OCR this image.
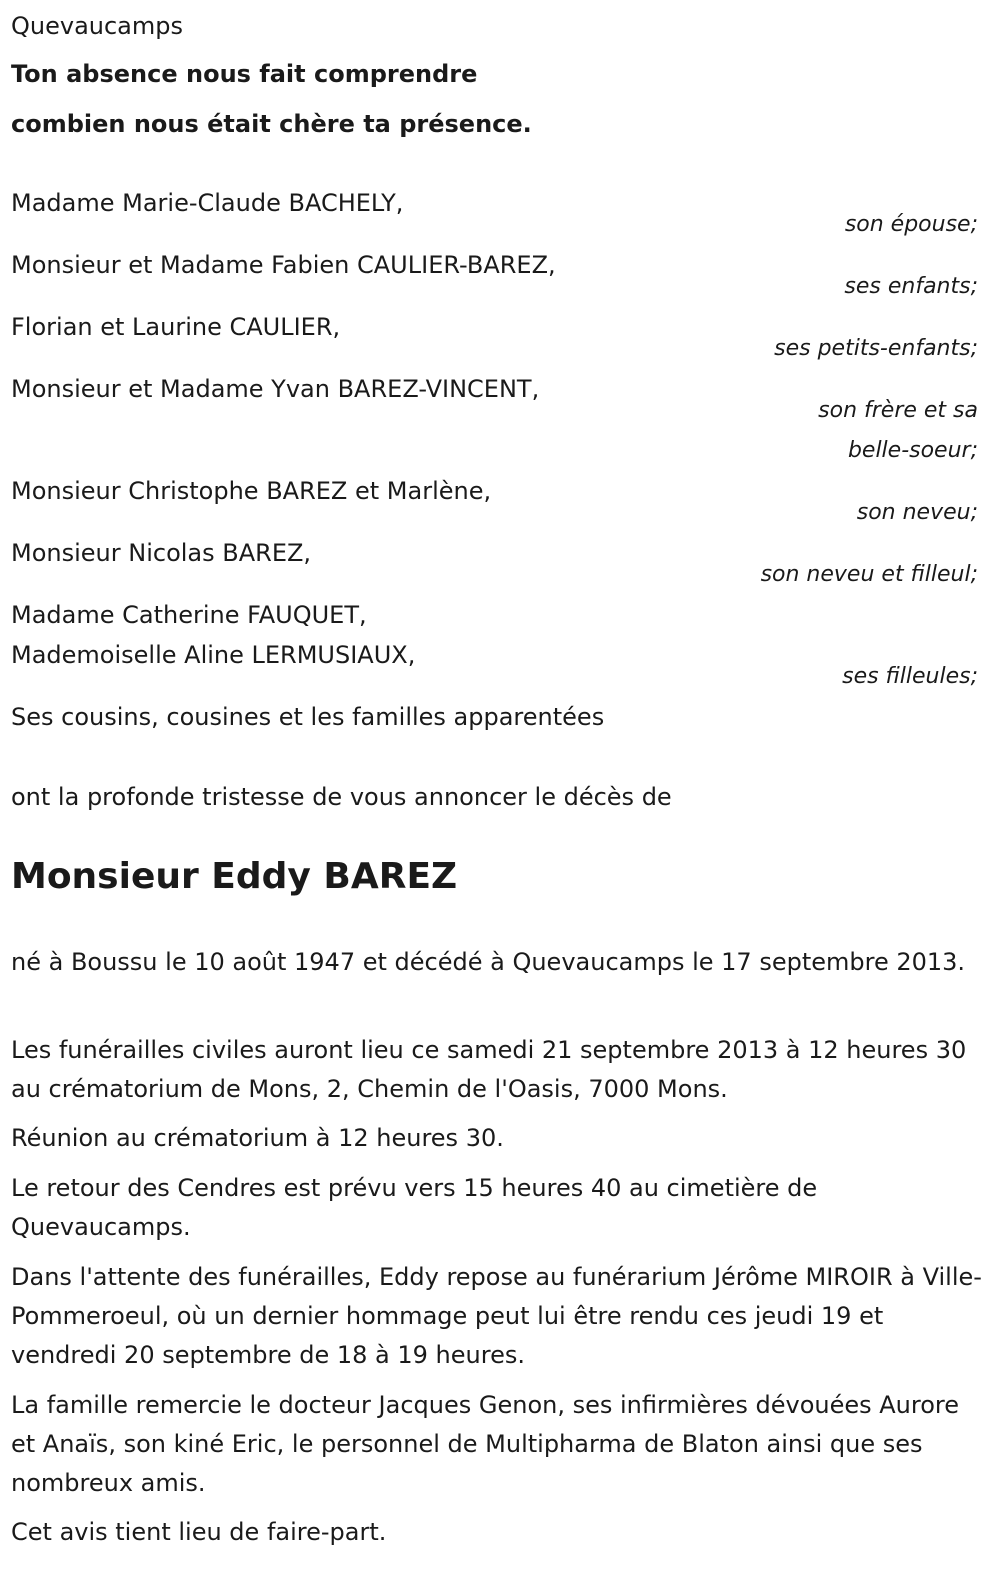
Quevaucamps
Ton absence nous fait comprendre
combien nous était chère ta présence.
Madame Marie-Claude BACHELY,
son épouse;
Monsieur et Madame Fabien CAULIER-BAREZ,
ses enfants;
Florian et Laurine CAULIER,
ses petits-enfants;
Monsieur et Madame Yvan BAREZ-VINCENT,
son frère et sa
belle-soeur;
Monsieur Christophe BAREZ et Marlène,
son neveu;
Monsieur Nicolas BAREZ,
son neveu et filleul;
Madame Catherine FAUQUET,
Mademoiselle Aline LERMUSIAUX,
ses filleules;
Ses cousins, cousines et les familles apparentées
ont la profonde tristesse de vous annoncer le décès de
Monsieur Eddy BAREZ
né à Boussu le 10 août 1947 et décédé à Quevaucamps le 17 septembre 2013.
Les funérailles civiles auront lieu ce samedi 21 septembre 2013 à 12 heures 30 au crématorium de Mons, 2, Chemin de l'Oasis, 7000 Mons.
Réunion au crématorium à 12 heures 30.
Le retour des Cendres est prévu vers 15 heures 40 au cimetière de Quevaucamps.
Dans l'attente des funérailles, Eddy repose au funérarium Jérôme MIROIR à Ville-Pommeroeul, où un dernier hommage peut lui être rendu ces jeudi 19 et vendredi 20 septembre de 18 à 19 heures.
La famille remercie le docteur Jacques Genon, ses infirmières dévouées Aurore et Anaïs, son kiné Eric, le personnel de Multipharma de Blaton ainsi que ses nombreux amis.
Cet avis tient lieu de faire-part.
